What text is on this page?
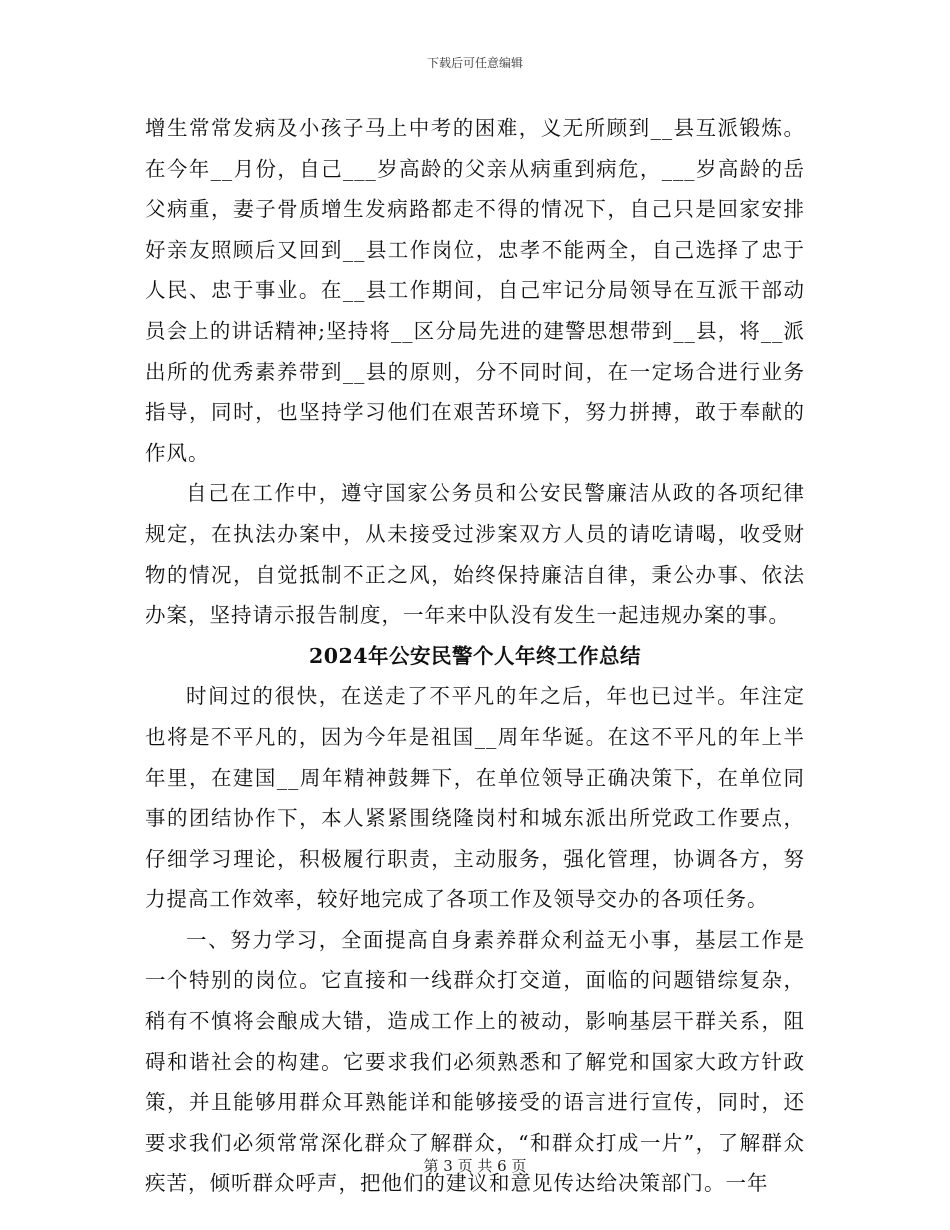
下载后可任意编辑

增生常常发病及小孩子马上中考的困难，义无所顾到__县互派锻炼。在今年__月份，自己___岁高龄的父亲从病重到病危，___岁高龄的岳父病重，妻子骨质增生发病路都走不得的情况下，自己只是回家安排好亲友照顾后又回到__县工作岗位，忠孝不能两全，自己选择了忠于人民、忠于事业。在__县工作期间，自己牢记分局领导在互派干部动员会上的讲话精神;坚持将__区分局先进的建警思想带到__县，将__派出所的优秀素养带到__县的原则，分不同时间，在一定场合进行业务指导，同时，也坚持学习他们在艰苦环境下，努力拼搏，敢于奉献的作风。

自己在工作中，遵守国家公务员和公安民警廉洁从政的各项纪律规定，在执法办案中，从未接受过涉案双方人员的请吃请喝，收受财物的情况，自觉抵制不正之风，始终保持廉洁自律，秉公办事、依法办案，坚持请示报告制度，一年来中队没有发生一起违规办案的事。

2024年公安民警个人年终工作总结

时间过的很快，在送走了不平凡的年之后，年也已过半。年注定也将是不平凡的，因为今年是祖国__周年华诞。在这不平凡的年上半年里，在建国__周年精神鼓舞下，在单位领导正确决策下，在单位同事的团结协作下，本人紧紧围绕隆岗村和城东派出所党政工作要点，仔细学习理论，积极履行职责，主动服务，强化管理，协调各方，努力提高工作效率，较好地完成了各项工作及领导交办的各项任务。

一、努力学习，全面提高自身素养群众利益无小事，基层工作是一个特别的岗位。它直接和一线群众打交道，面临的问题错综复杂，稍有不慎将会酿成大错，造成工作上的被动，影响基层干群关系，阻碍和谐社会的构建。它要求我们必须熟悉和了解党和国家大政方针政策，并且能够用群众耳熟能详和能够接受的语言进行宣传，同时，还要求我们必须常常深化群众了解群众，“和群众打成一片”，了解群众疾苦，倾听群众呼声，把他们的建议和意见传达给决策部门。一年

第 3 页 共 6 页
